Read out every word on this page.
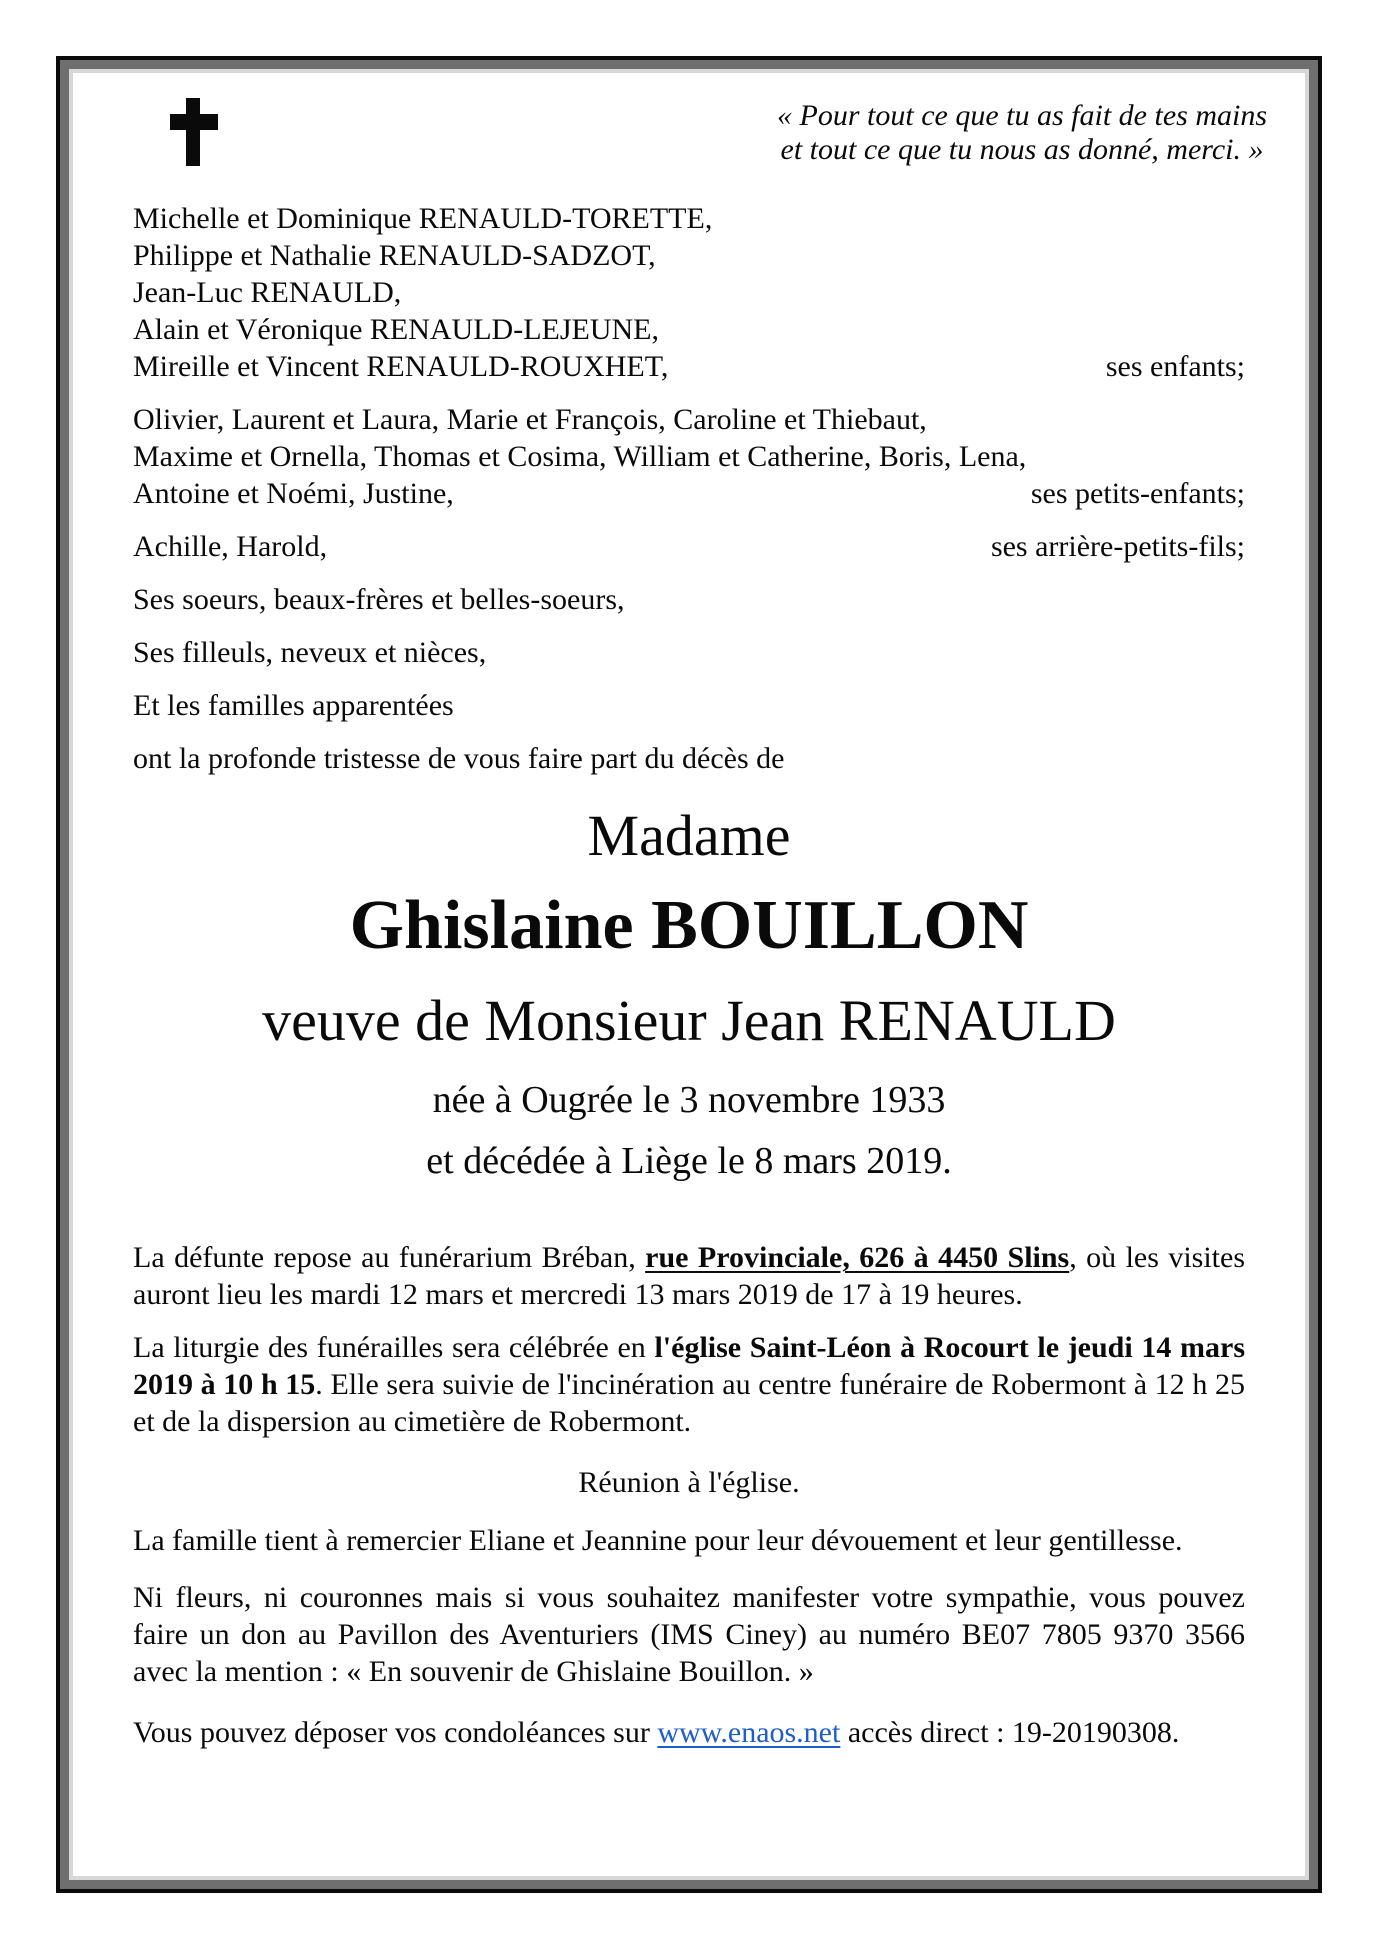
« Pour tout ce que tu as fait de tes mains
et tout ce que tu nous as donné, merci. »
Michelle et Dominique RENAULD-TORETTE,
Philippe et Nathalie RENAULD-SADZOT,
Jean-Luc RENAULD,
Alain et Véronique RENAULD-LEJEUNE,
Mireille et Vincent RENAULD-ROUXHET,	ses enfants;
Olivier, Laurent et Laura, Marie et François, Caroline et Thiebaut,
Maxime et Ornella, Thomas et Cosima, William et Catherine, Boris, Lena,
Antoine et Noémi, Justine,	ses petits-enfants;
Achille, Harold,	ses arrière-petits-fils;
Ses soeurs, beaux-frères et belles-soeurs,
Ses filleuls, neveux et nièces,
Et les familles apparentées
ont la profonde tristesse de vous faire part du décès de
Madame
Ghislaine BOUILLON
veuve de Monsieur Jean RENAULD
née à Ougrée le 3 novembre 1933
et décédée à Liège le 8 mars 2019.

La défunte repose au funérarium Bréban, rue Provinciale, 626 à 4450 Slins, où les visites auront lieu les mardi 12 mars et mercredi 13 mars 2019 de 17 à 19 heures.

La liturgie des funérailles sera célébrée en l'église Saint-Léon à Rocourt le jeudi 14 mars 2019 à 10 h 15. Elle sera suivie de l'incinération au centre funéraire de Robermont à 12 h 25 et de la dispersion au cimetière de Robermont.

Réunion à l'église.

La famille tient à remercier Eliane et Jeannine pour leur dévouement et leur gentillesse.

Ni fleurs, ni couronnes mais si vous souhaitez manifester votre sympathie, vous pouvez faire un don au Pavillon des Aventuriers (IMS Ciney) au numéro BE07 7805 9370 3566 avec la mention : « En souvenir de Ghislaine Bouillon. »

Vous pouvez déposer vos condoléances sur www.enaos.net accès direct : 19-20190308.
